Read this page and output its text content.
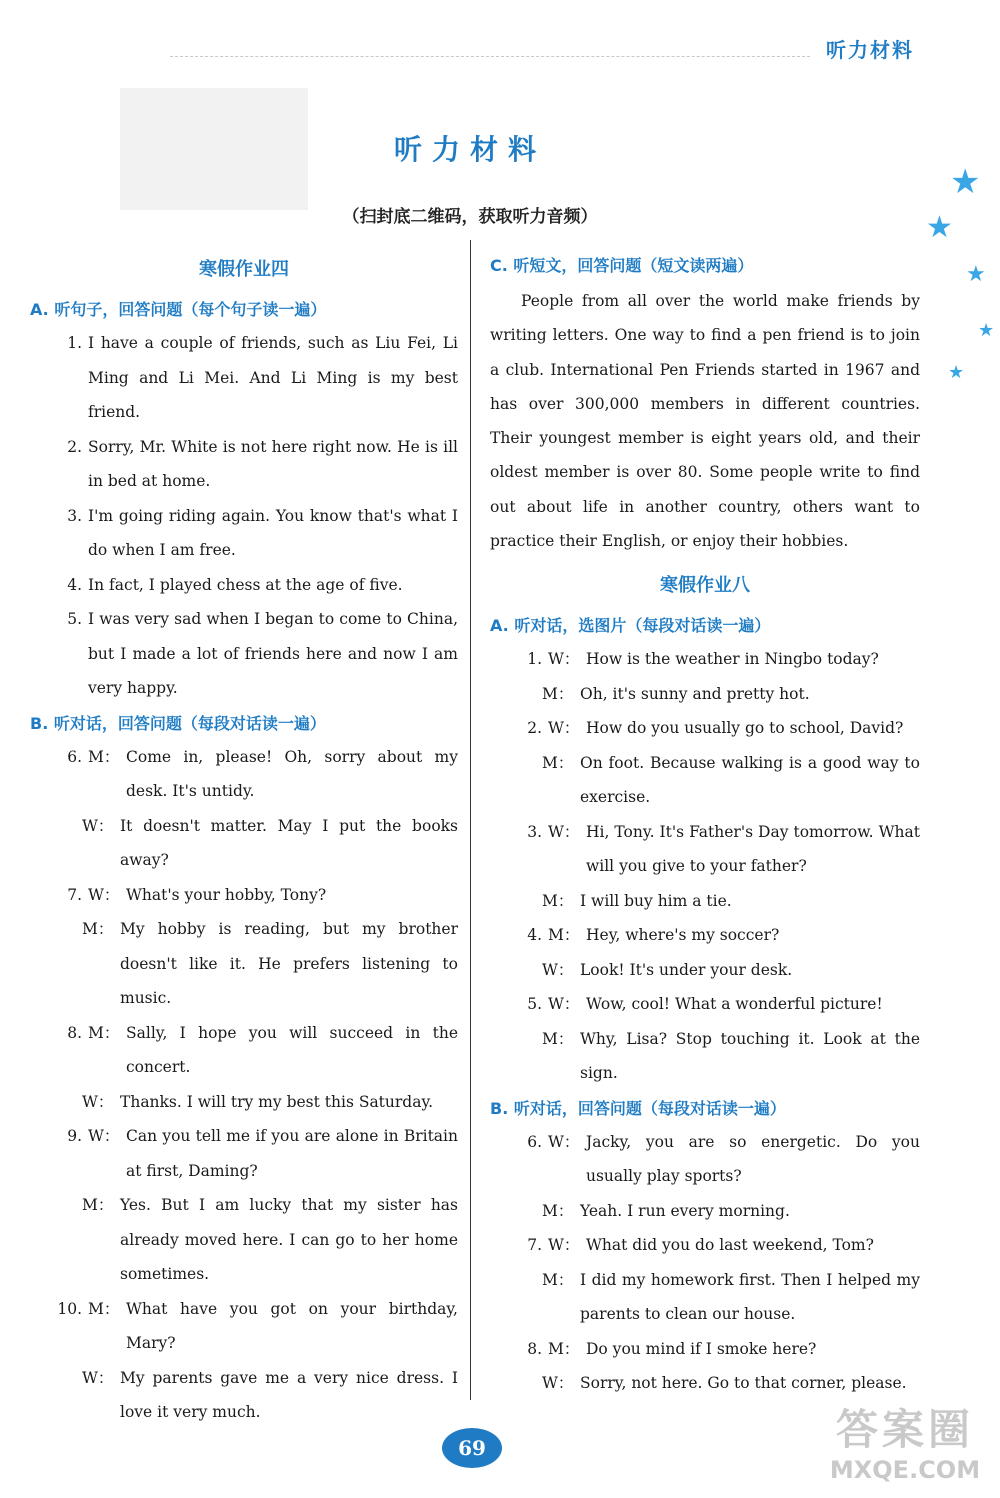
听力材料
听力材料
（扫封底二维码，获取听力音频）
★
★
★
★
★
寒假作业四
A. 听句子，回答问题（每个句子读一遍）
1. I have a couple of friends, such as Liu Fei, Li Ming and Li Mei. And Li Ming is my best friend.
2. Sorry, Mr. White is not here right now. He is ill in bed at home.
3. I'm going riding again. You know that's what I do when I am free.
4. In fact, I played chess at the age of five.
5. I was very sad when I began to come to China, but I made a lot of friends here and now I am very happy.
B. 听对话，回答问题（每段对话读一遍）
6. M： Come in, please! Oh, sorry about my desk. It's untidy.
W： It doesn't matter. May I put the books away?
7. W： What's your hobby, Tony?
M： My hobby is reading, but my brother doesn't like it. He prefers listening to music.
8. M： Sally, I hope you will succeed in the concert.
W： Thanks. I will try my best this Saturday.
9. W： Can you tell me if you are alone in Britain at first, Daming?
M： Yes. But I am lucky that my sister has already moved here. I can go to her home sometimes.
10. M： What have you got on your birthday, Mary?
W： My parents gave me a very nice dress. I love it very much.
C. 听短文，回答问题（短文读两遍）
People from all over the world make friends by writing letters. One way to find a pen friend is to join a club. International Pen Friends started in 1967 and has over 300,000 members in different countries. Their youngest member is eight years old, and their oldest member is over 80. Some people write to find out about life in another country, others want to practice their English, or enjoy their hobbies.
寒假作业八
A. 听对话，选图片（每段对话读一遍）
1. W： How is the weather in Ningbo today?
M： Oh, it's sunny and pretty hot.
2. W： How do you usually go to school, David?
M： On foot. Because walking is a good way to exercise.
3. W： Hi, Tony. It's Father's Day tomorrow. What will you give to your father?
M： I will buy him a tie.
4. M： Hey, where's my soccer?
W： Look! It's under your desk.
5. W： Wow, cool! What a wonderful picture!
M： Why, Lisa? Stop touching it. Look at the sign.
B. 听对话，回答问题（每段对话读一遍）
6. W： Jacky, you are so energetic. Do you usually play sports?
M： Yeah. I run every morning.
7. W： What did you do last weekend, Tom?
M： I did my homework first. Then I helped my parents to clean our house.
8. M： Do you mind if I smoke here?
W： Sorry, not here. Go to that corner, please.
69	答案圈
MXQE.COM
